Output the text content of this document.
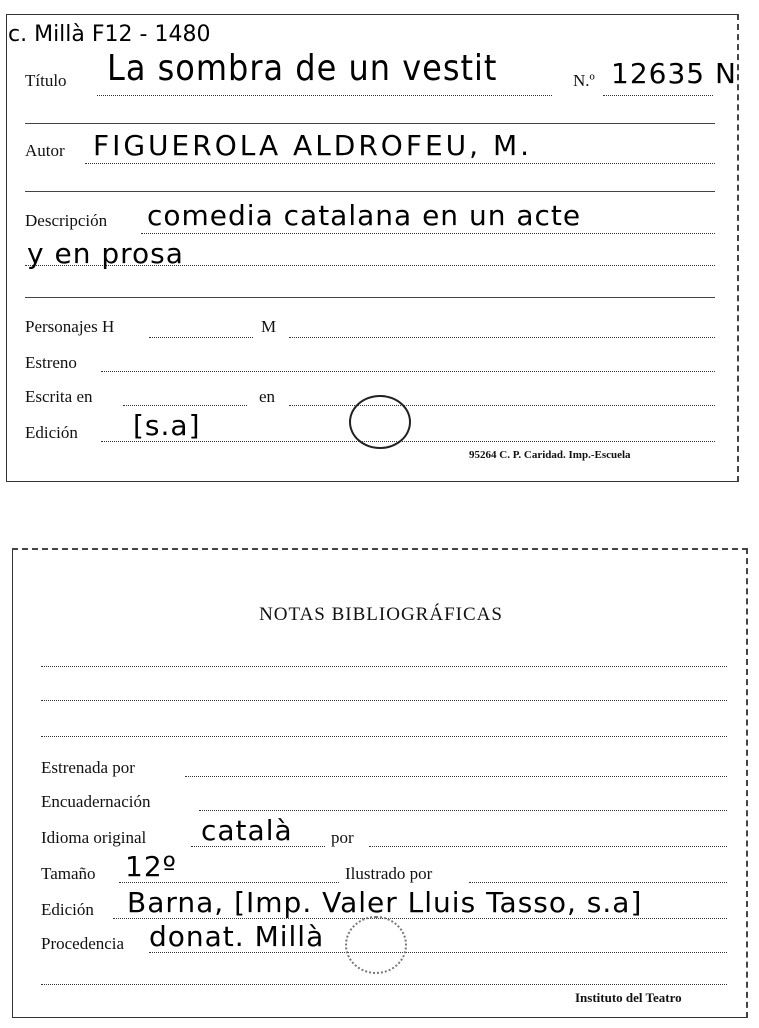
c. Millà F12 - 1480
Título La sombra de un vestit	N.º 12635 N
Autor FIGUEROLA ALDROFEU, M.
Descripción comedia catalana en un acte
y en prosa
Personajes H	M
Estreno
Escrita en	en
Edición [s.a]
95264 C. P. Caridad. Imp.-Escuela
NOTAS BIBLIOGRÁFICAS
Estrenada por
Encuadernación
Idioma original català por
Tamaño 12º	Ilustrado por
Edición Barna, [Imp. Valer Lluis Tasso, s.a]
Procedencia donat. Millà
Instituto del Teatro
